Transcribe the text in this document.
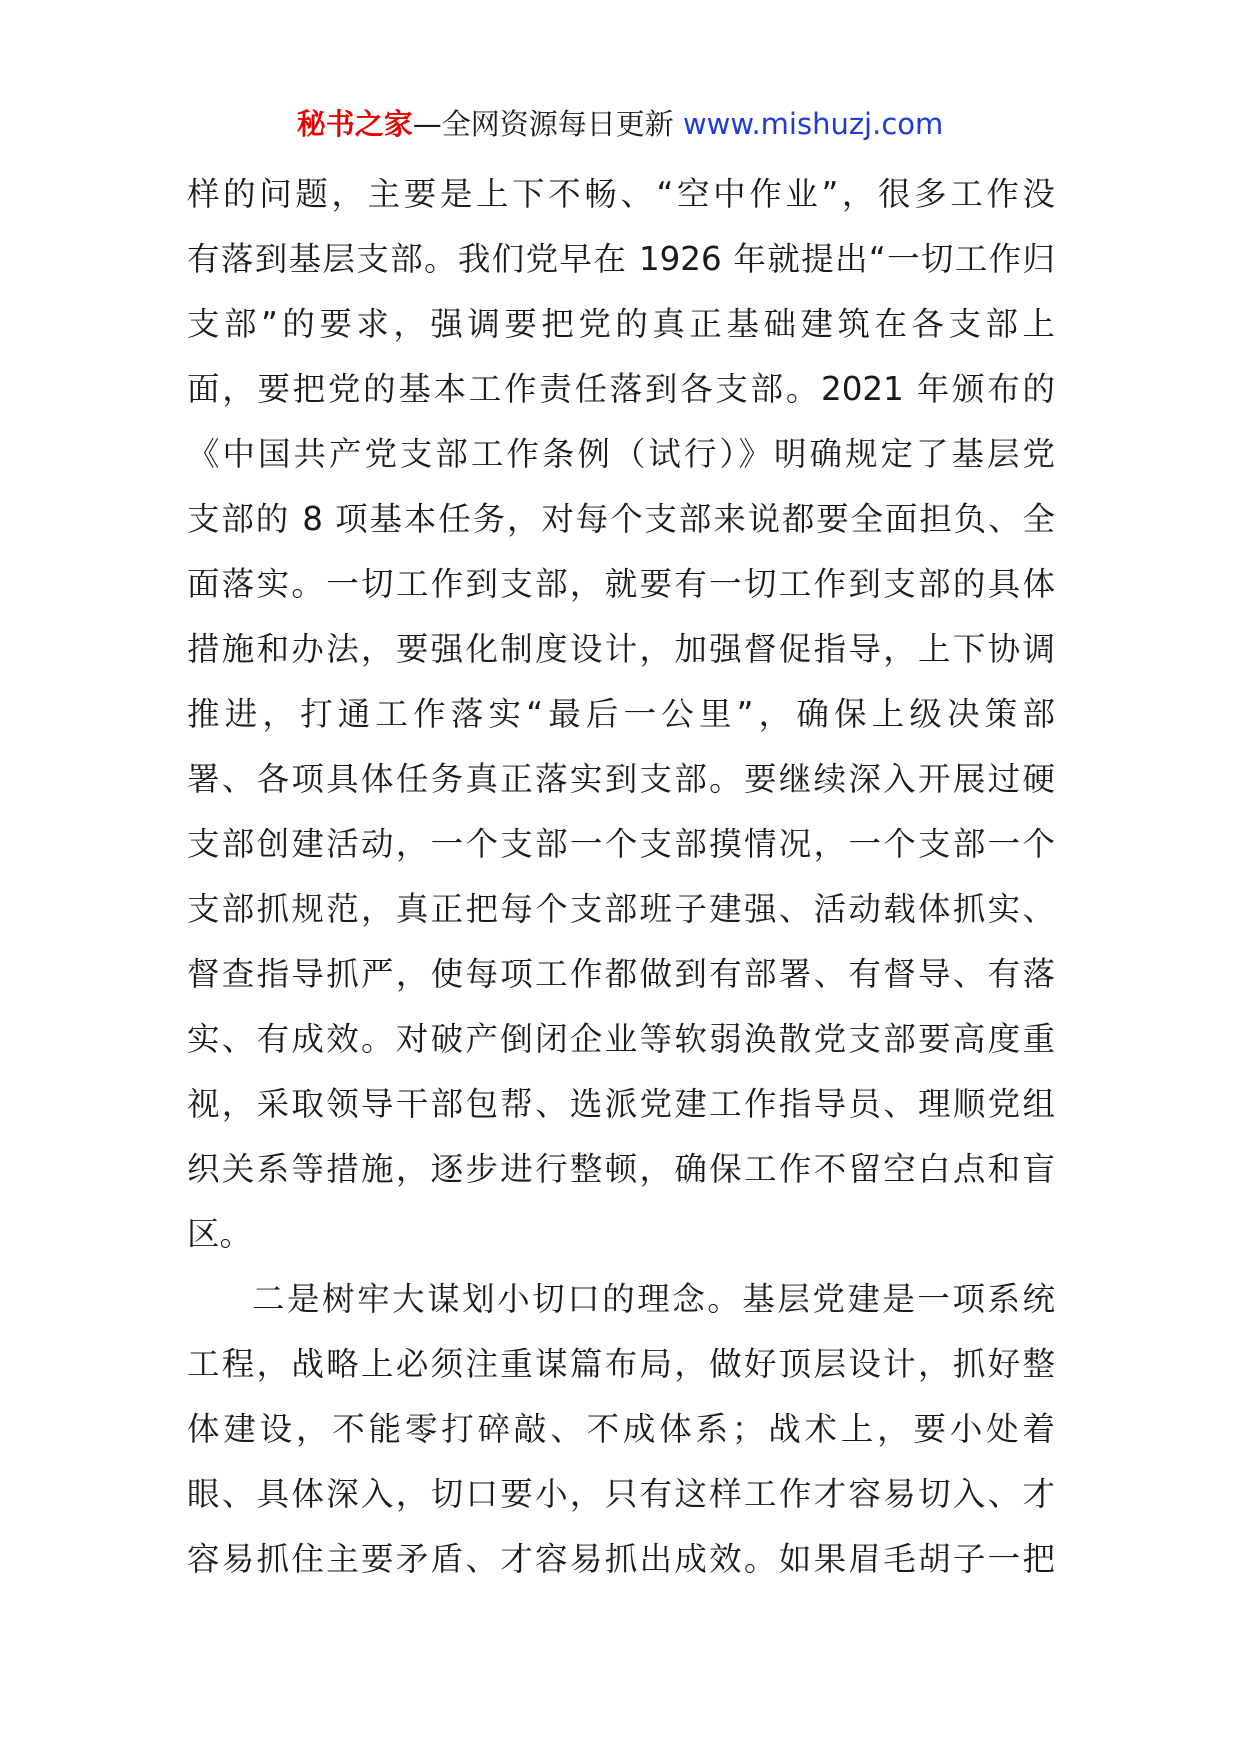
秘书之家—全网资源每日更新 www.mishuzj.com
样的问题，主要是上下不畅、“空中作业”，很多工作没
有落到基层支部。我们党早在 1926 年就提出“一切工作归
支部”的要求，强调要把党的真正基础建筑在各支部上
面，要把党的基本工作责任落到各支部。2021 年颁布的
《中国共产党支部工作条例（试行）》明确规定了基层党
支部的 8 项基本任务，对每个支部来说都要全面担负、全
面落实。一切工作到支部，就要有一切工作到支部的具体
措施和办法，要强化制度设计，加强督促指导，上下协调
推进，打通工作落实“最后一公里”，确保上级决策部
署、各项具体任务真正落实到支部。要继续深入开展过硬
支部创建活动，一个支部一个支部摸情况，一个支部一个
支部抓规范，真正把每个支部班子建强、活动载体抓实、
督查指导抓严，使每项工作都做到有部署、有督导、有落
实、有成效。对破产倒闭企业等软弱涣散党支部要高度重
视，采取领导干部包帮、选派党建工作指导员、理顺党组
织关系等措施，逐步进行整顿，确保工作不留空白点和盲
区。
二是树牢大谋划小切口的理念。基层党建是一项系统
工程，战略上必须注重谋篇布局，做好顶层设计，抓好整
体建设，不能零打碎敲、不成体系；战术上，要小处着
眼、具体深入，切口要小，只有这样工作才容易切入、才
容易抓住主要矛盾、才容易抓出成效。如果眉毛胡子一把
